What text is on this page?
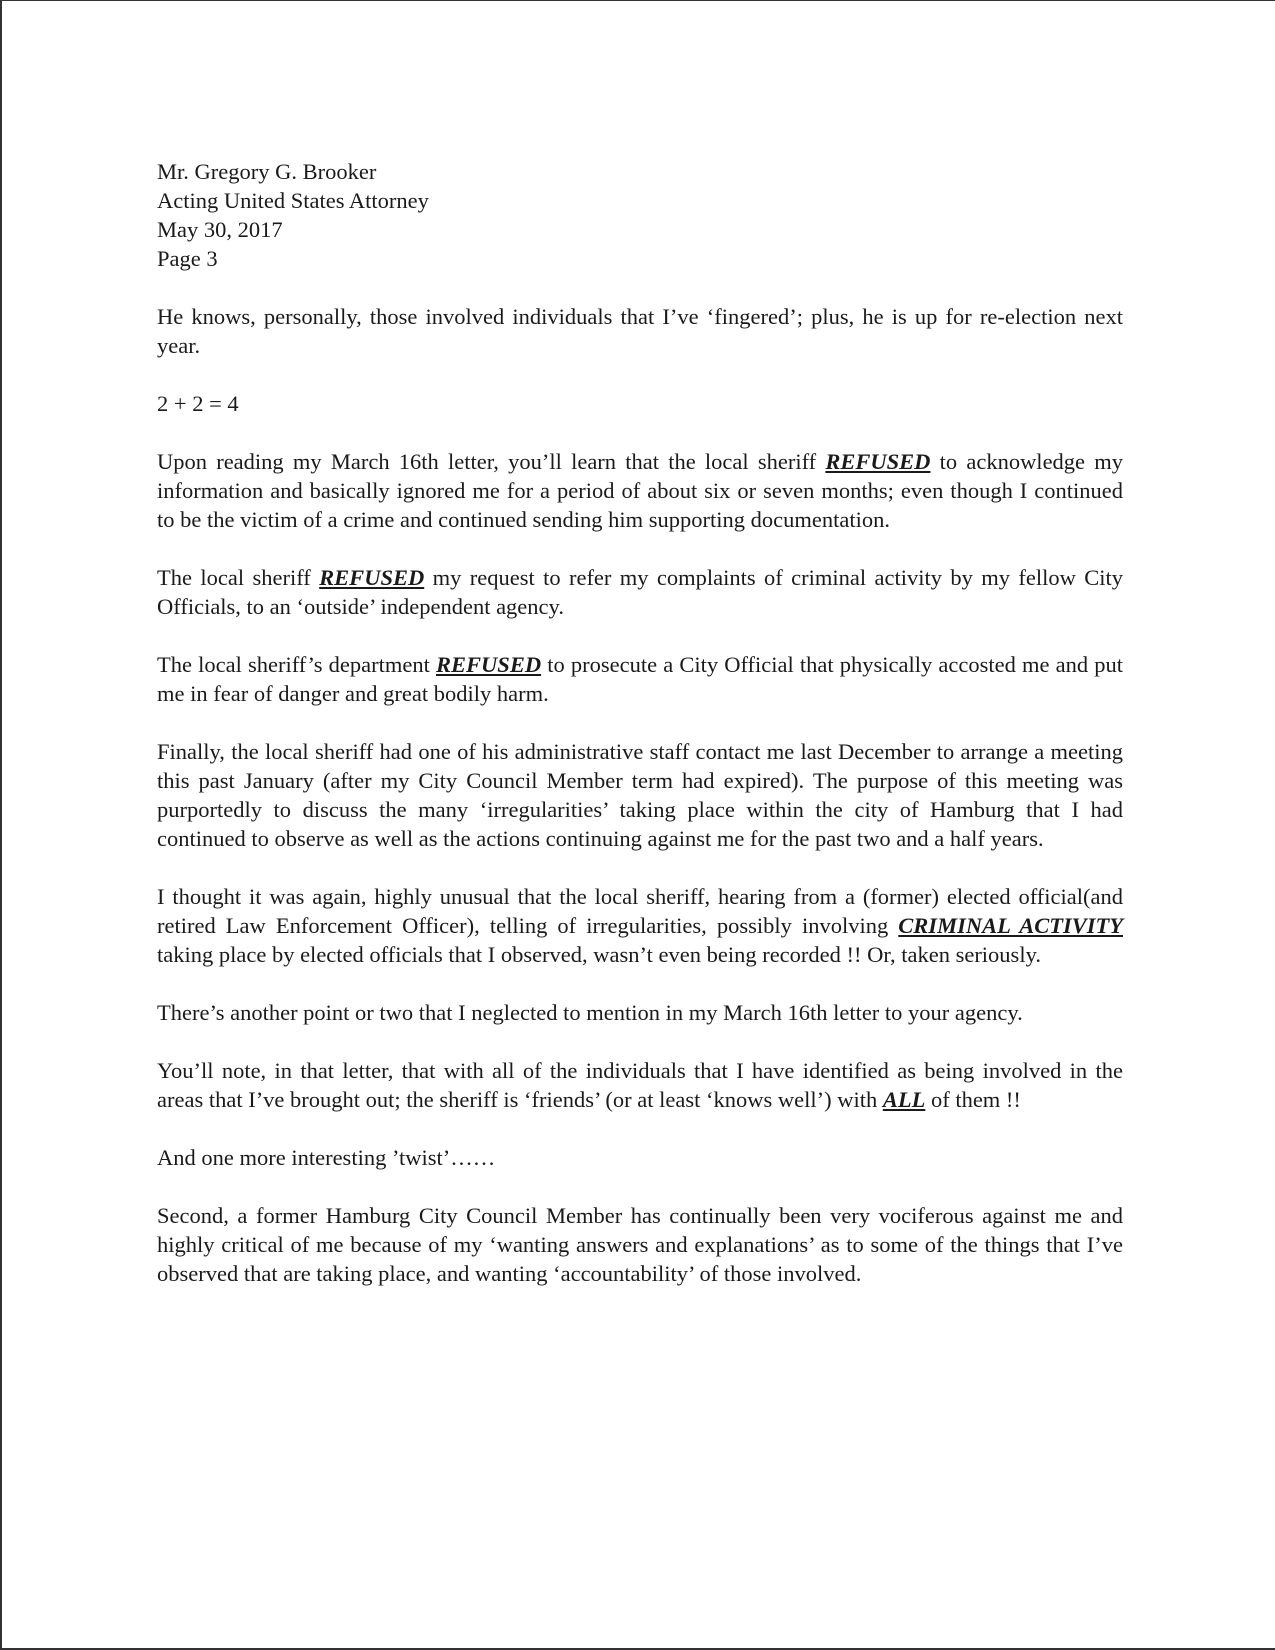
Mr. Gregory G. Brooker
Acting United States Attorney
May 30, 2017
Page 3

He knows, personally, those involved individuals that I’ve ‘fingered’; plus, he is up for re-election next year.

2 + 2 = 4

Upon reading my March 16th letter, you’ll learn that the local sheriff REFUSED to acknowledge my information and basically ignored me for a period of about six or seven months; even though I continued to be the victim of a crime and continued sending him supporting documentation.

The local sheriff REFUSED my request to refer my complaints of criminal activity by my fellow City Officials, to an ‘outside’ independent agency.

The local sheriff’s department REFUSED to prosecute a City Official that physically accosted me and put me in fear of danger and great bodily harm.

Finally, the local sheriff had one of his administrative staff contact me last December to arrange a meeting this past January (after my City Council Member term had expired). The purpose of this meeting was purportedly to discuss the many ‘irregularities’ taking place within the city of Hamburg that I had continued to observe as well as the actions continuing against me for the past two and a half years.

I thought it was again, highly unusual that the local sheriff, hearing from a (former) elected official(and retired Law Enforcement Officer), telling of irregularities, possibly involving CRIMINAL ACTIVITY taking place by elected officials that I observed, wasn’t even being recorded !! Or, taken seriously.

There’s another point or two that I neglected to mention in my March 16th letter to your agency.

You’ll note, in that letter, that with all of the individuals that I have identified as being involved in the areas that I’ve brought out; the sheriff is ‘friends’ (or at least ‘knows well’) with ALL of them !!

And one more interesting ’twist’……

Second, a former Hamburg City Council Member has continually been very vociferous against me and highly critical of me because of my ‘wanting answers and explanations’ as to some of the things that I’ve observed that are taking place, and wanting ‘accountability’ of those involved.
